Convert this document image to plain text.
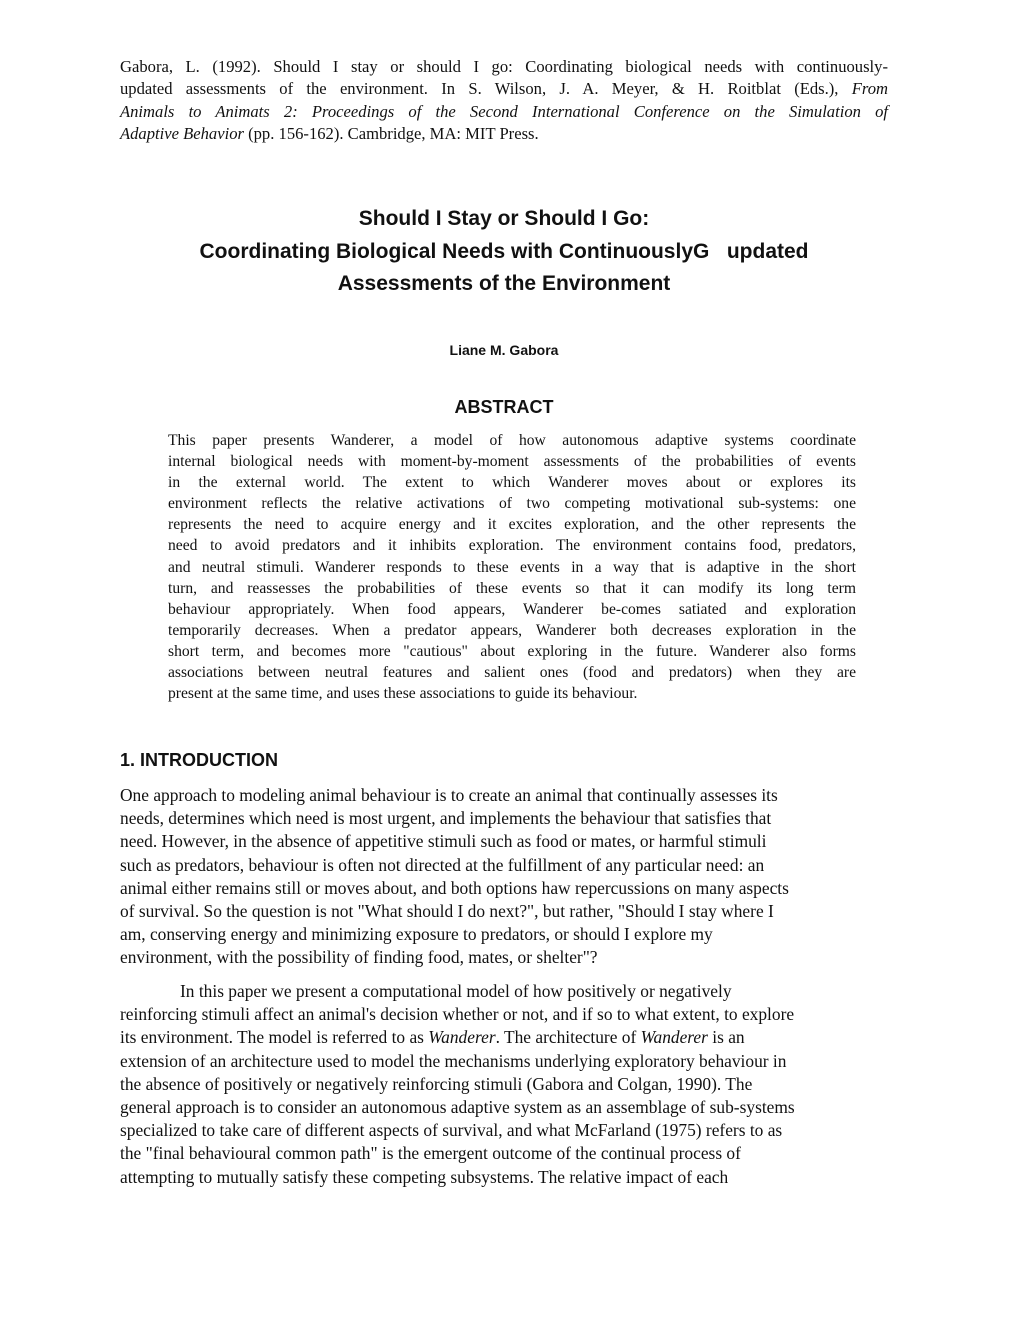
Gabora, L. (1992). Should I stay or should I go: Coordinating biological needs with continuously-
updated assessments of the environment. In S. Wilson, J. A. Meyer, & H. Roitblat (Eds.), From
Animals to Animats 2: Proceedings of the Second International Conference on the Simulation of
Adaptive Behavior (pp. 156-162). Cambridge, MA: MIT Press.
Should I Stay or Should I Go:
Coordinating Biological Needs with ContinuouslyG   updated
Assessments of the Environment
Liane M. Gabora
ABSTRACT
This paper presents Wanderer, a model of how autonomous adaptive systems coordinate
internal biological needs with moment-by-moment assessments of the probabilities of events
in the external world. The extent to which Wanderer moves about or explores its
environment reflects the relative activations of two competing motivational sub-systems: one
represents the need to acquire energy and it excites exploration, and the other represents the
need to avoid predators and it inhibits exploration. The environment contains food, predators,
and neutral stimuli. Wanderer responds to these events in a way that is adaptive in the short
turn, and reassesses the probabilities of these events so that it can modify its long term
behaviour appropriately. When food appears, Wanderer be-comes satiated and exploration
temporarily decreases. When a predator appears, Wanderer both decreases exploration in the
short term, and becomes more "cautious" about exploring in the future. Wanderer also forms
associations between neutral features and salient ones (food and predators) when they are
present at the same time, and uses these associations to guide its behaviour.
1. INTRODUCTION
One approach to modeling animal behaviour is to create an animal that continually assesses its
needs, determines which need is most urgent, and implements the behaviour that satisfies that
need. However, in the absence of appetitive stimuli such as food or mates, or harmful stimuli
such as predators, behaviour is often not directed at the fulfillment of any particular need: an
animal either remains still or moves about, and both options haw repercussions on many aspects
of survival. So the question is not "What should I do next?", but rather, "Should I stay where I
am, conserving energy and minimizing exposure to predators, or should I explore my
environment, with the possibility of finding food, mates, or shelter"?
In this paper we present a computational model of how positively or negatively
reinforcing stimuli affect an animal's decision whether or not, and if so to what extent, to explore
its environment. The model is referred to as Wanderer. The architecture of Wanderer is an
extension of an architecture used to model the mechanisms underlying exploratory behaviour in
the absence of positively or negatively reinforcing stimuli (Gabora and Colgan, 1990). The
general approach is to consider an autonomous adaptive system as an assemblage of sub-systems
specialized to take care of different aspects of survival, and what McFarland (1975) refers to as
the "final behavioural common path" is the emergent outcome of the continual process of
attempting to mutually satisfy these competing subsystems. The relative impact of each
